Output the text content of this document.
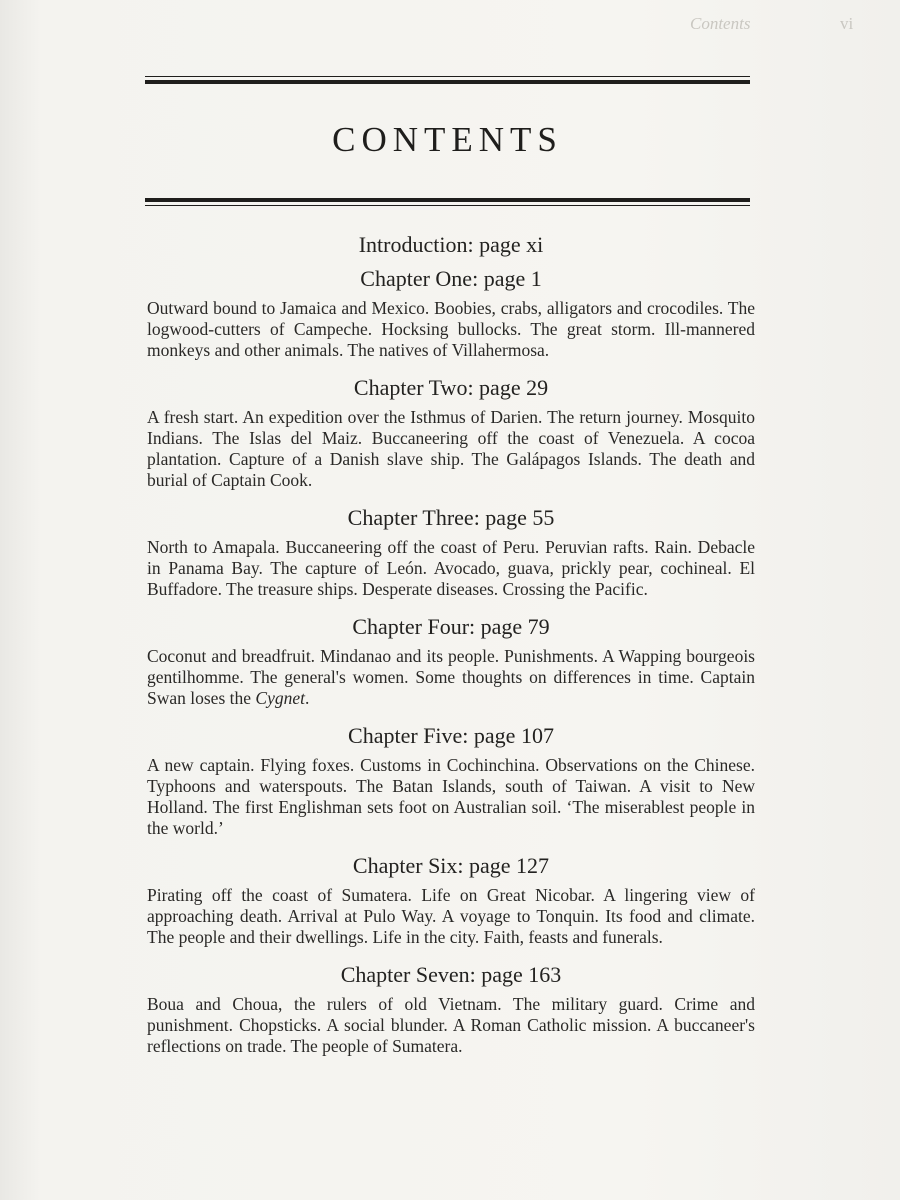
Contents	vi
CONTENTS
Introduction: page xi
Chapter One: page 1
Outward bound to Jamaica and Mexico. Boobies, crabs, alligators and crocodiles. The logwood-cutters of Campeche. Hocksing bullocks. The great storm. Ill-mannered monkeys and other animals. The natives of Villahermosa.
Chapter Two: page 29
A fresh start. An expedition over the Isthmus of Darien. The return journey. Mosquito Indians. The Islas del Maiz. Buccaneering off the coast of Venezuela. A cocoa plantation. Capture of a Danish slave ship. The Galápagos Islands. The death and burial of Captain Cook.
Chapter Three: page 55
North to Amapala. Buccaneering off the coast of Peru. Peruvian rafts. Rain. Debacle in Panama Bay. The capture of León. Avocado, guava, prickly pear, cochineal. El Buffadore. The treasure ships. Desperate diseases. Crossing the Pacific.
Chapter Four: page 79
Coconut and breadfruit. Mindanao and its people. Punishments. A Wapping bourgeois gentilhomme. The general's women. Some thoughts on differences in time. Captain Swan loses the Cygnet.
Chapter Five: page 107
A new captain. Flying foxes. Customs in Cochinchina. Observations on the Chinese. Typhoons and waterspouts. The Batan Islands, south of Taiwan. A visit to New Holland. The first Englishman sets foot on Australian soil. ‘The miserablest people in the world.’
Chapter Six: page 127
Pirating off the coast of Sumatera. Life on Great Nicobar. A lingering view of approaching death. Arrival at Pulo Way. A voyage to Tonquin. Its food and climate. The people and their dwellings. Life in the city. Faith, feasts and funerals.
Chapter Seven: page 163
Boua and Choua, the rulers of old Vietnam. The military guard. Crime and punishment. Chopsticks. A social blunder. A Roman Catholic mission. A buccaneer's reflections on trade. The people of Sumatera.
